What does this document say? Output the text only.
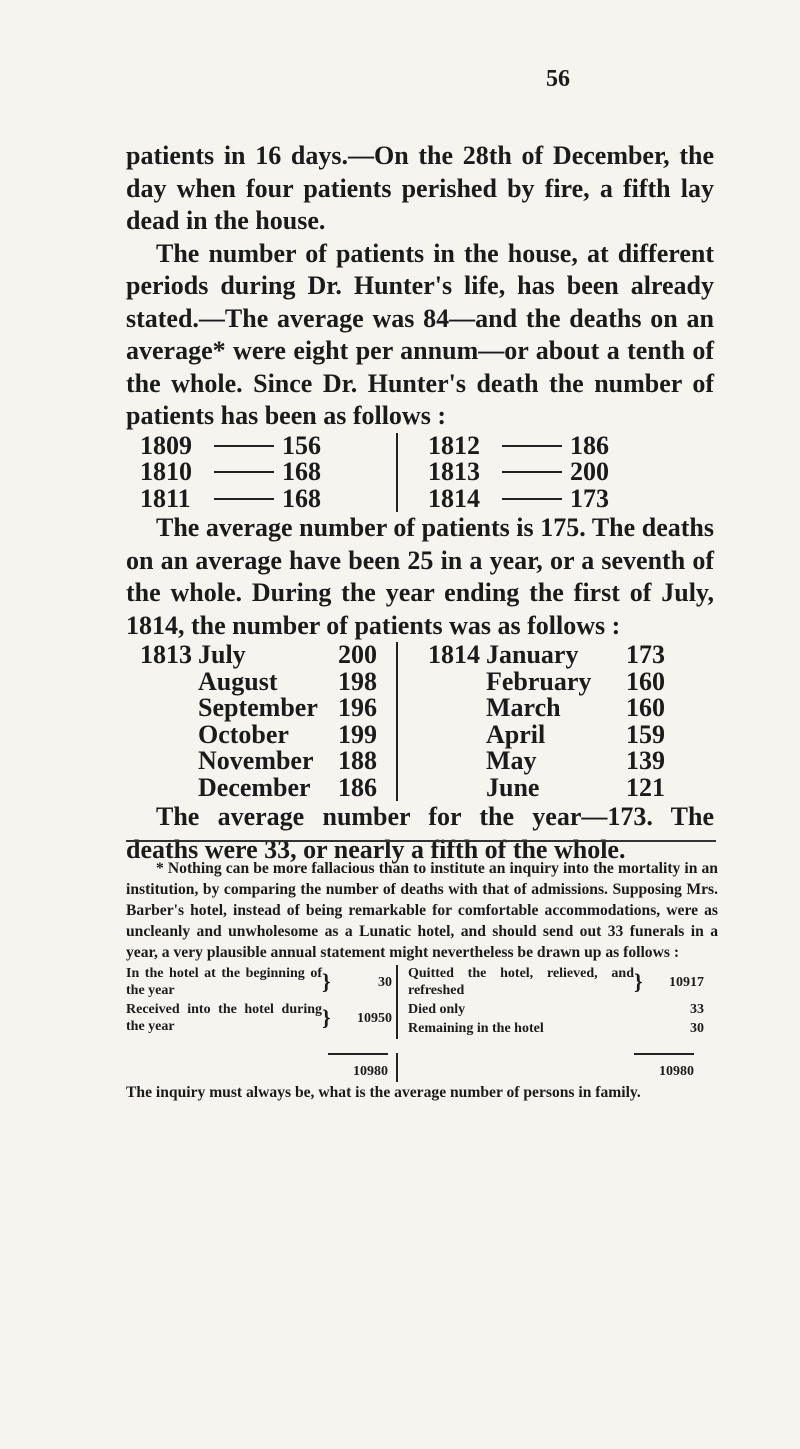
56

patients in 16 days.—On the 28th of December, the day when four patients perished by fire, a fifth lay dead in the house.

The number of patients in the house, at different periods during Dr. Hunter's life, has been already stated.—The average was 84—and the deaths on an average* were eight per annum—or about a tenth of the whole. Since Dr. Hunter's death the number of patients has been as follows :

1809	156
1810	168
1811	168
1812	186
1813	200
1814	173

The average number of patients is 175. The deaths on an average have been 25 in a year, or a seventh of the whole. During the year ending the first of July, 1814, the number of patients was as follows :

1813 July	200
August	198
September 196
October	199
November 188
December	186
1814 January	173
February	160
March	160
April	159
May	139
June	121

The average number for the year—173. The deaths were 33, or nearly a fifth of the whole.

* Nothing can be more fallacious than to institute an inquiry into the mortality in an institution, by comparing the number of deaths with that of admissions. Supposing Mrs. Barber's hotel, instead of being remarkable for comfortable accommodations, were as uncleanly and unwholesome as a Lunatic hotel, and should send out 33 funerals in a year, a very plausible annual statement might nevertheless be drawn up as follows :

In the hotel at the beginning of the year	}	30
Received into the hotel during the year	}	10950
Quitted the hotel, relieved, and refreshed	}	10917
Died only	33
Remaining in the hotel	30
10980	10980

The inquiry must always be, what is the average number of persons in family.
